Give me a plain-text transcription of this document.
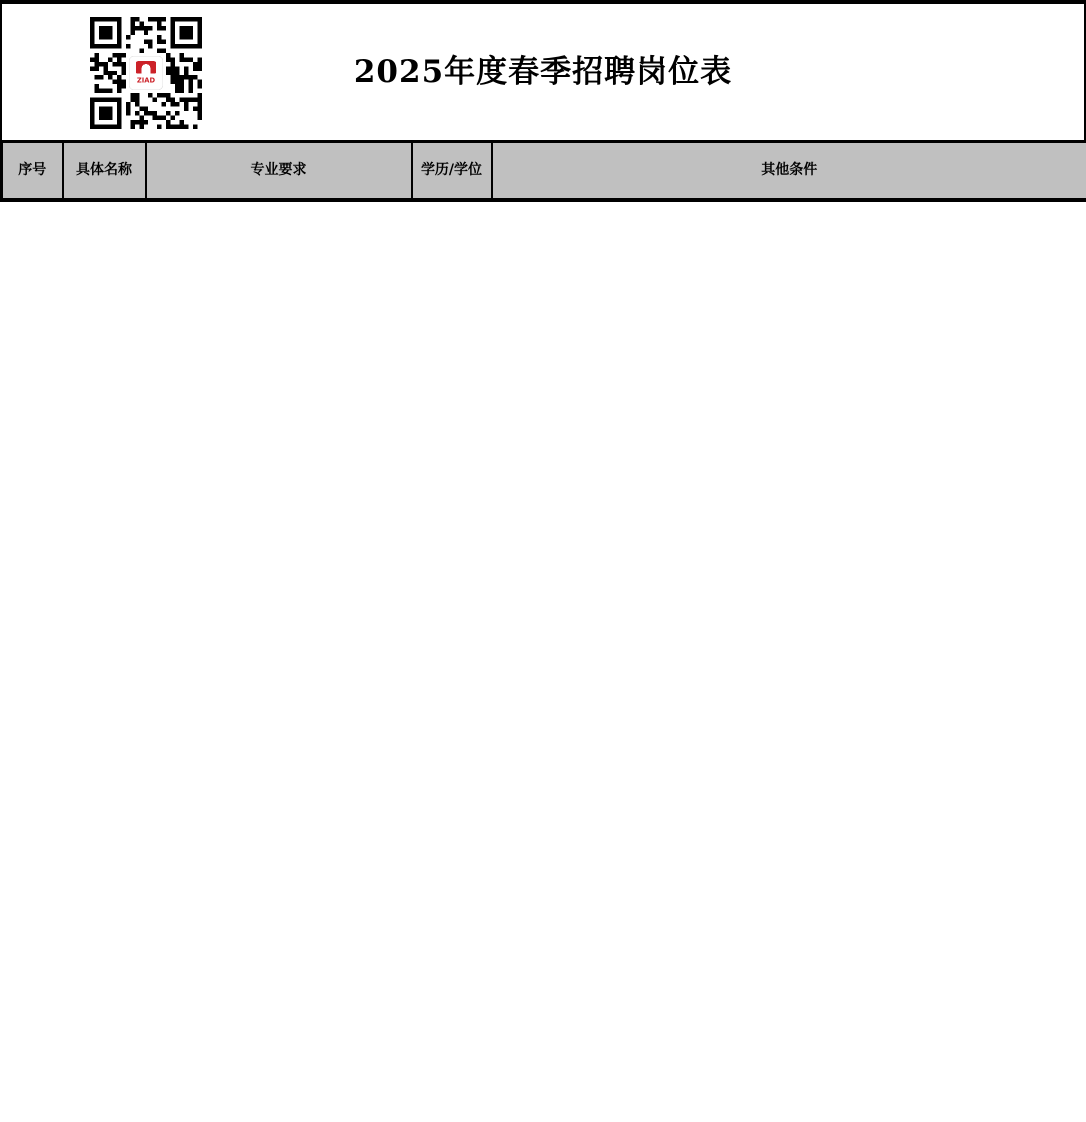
ZIAD	2025年度春季招聘岗位表
序号	具体名称	专业要求	学历/学位	其他条件
